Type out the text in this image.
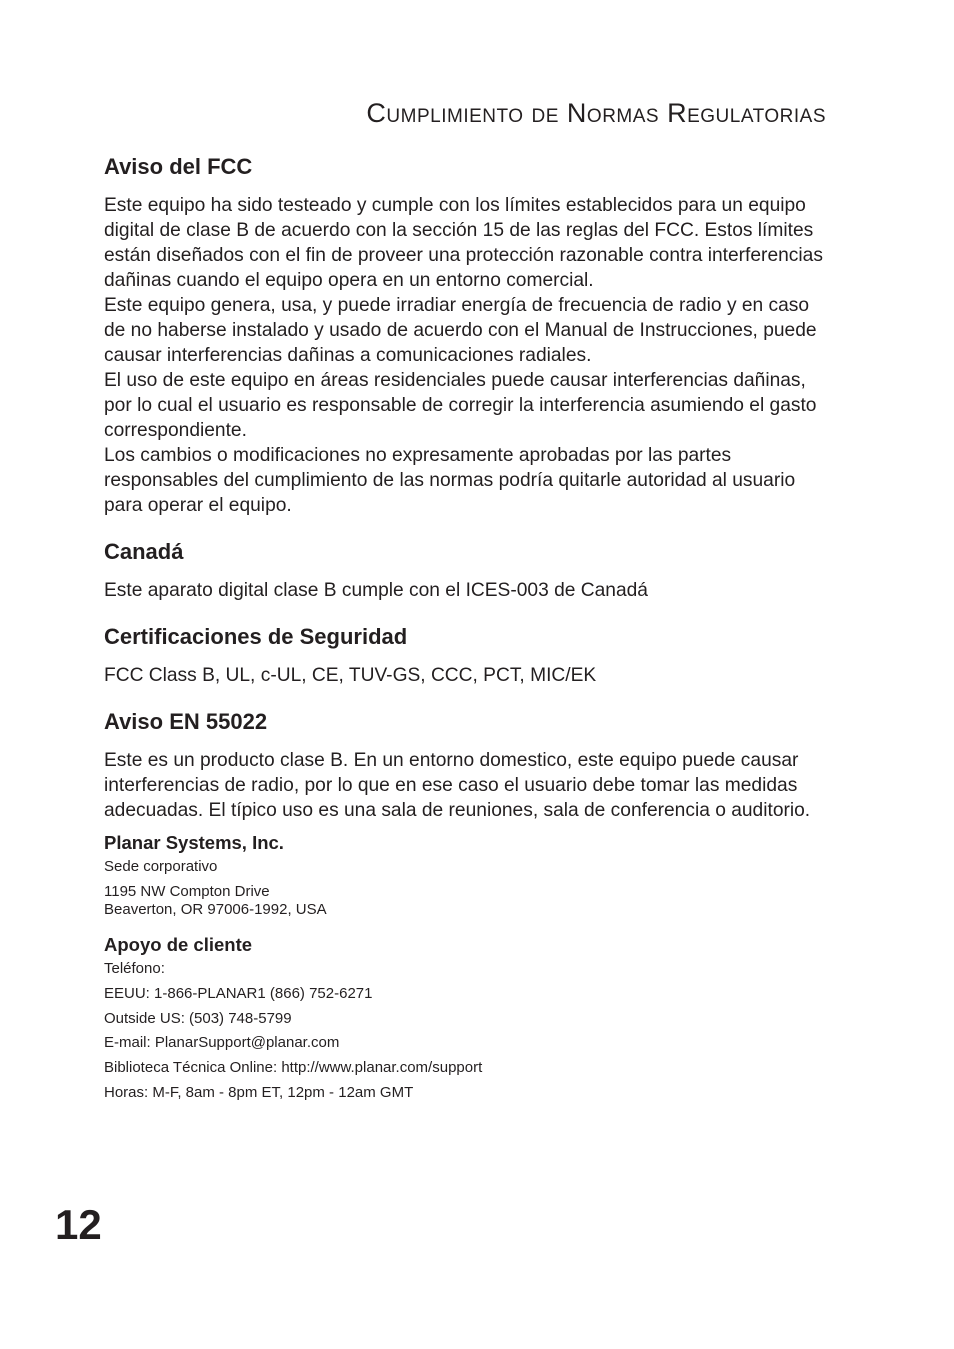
Cumplimiento de Normas Regulatorias
Aviso del FCC

Este equipo ha sido testeado y cumple con los límites establecidos para un equipo digital de clase B de acuerdo con la sección 15 de las reglas del FCC. Estos límites están diseñados con el fin de proveer una protección razonable contra interferencias dañinas cuando el equipo opera en un entorno comercial.

Este equipo genera, usa, y puede irradiar energía de frecuencia de radio y en caso de no haberse instalado y usado de acuerdo con el Manual de Instrucciones, puede causar interferencias dañinas a comunicaciones radiales.

El uso de este equipo en áreas residenciales puede causar interferencias dañinas, por lo cual el usuario es responsable de corregir la interferencia asumiendo el gasto correspondiente.

Los cambios o modificaciones no expresamente aprobadas por las partes responsables del cumplimiento de las normas podría quitarle autoridad al usuario para operar el equipo.

Canadá

Este aparato digital clase B cumple con el ICES-003 de Canadá

Certificaciones de Seguridad

FCC Class B, UL, c-UL, CE, TUV-GS, CCC, PCT, MIC/EK

Aviso EN 55022

Este es un producto clase B. En un entorno domestico, este equipo puede causar interferencias de radio, por lo que en ese caso el usuario debe tomar las medidas adecuadas. El típico uso es una sala de reuniones, sala de conferencia o auditorio.

Planar Systems, Inc.

Sede corporativo

1195 NW Compton Drive

Beaverton, OR 97006-1992, USA

Apoyo de cliente

Teléfono:

EEUU: 1-866-PLANAR1 (866) 752-6271

Outside US: (503) 748-5799

E-mail: PlanarSupport@planar.com

Biblioteca Técnica Online: http://www.planar.com/support

Horas: M-F, 8am - 8pm ET, 12pm - 12am GMT

12
